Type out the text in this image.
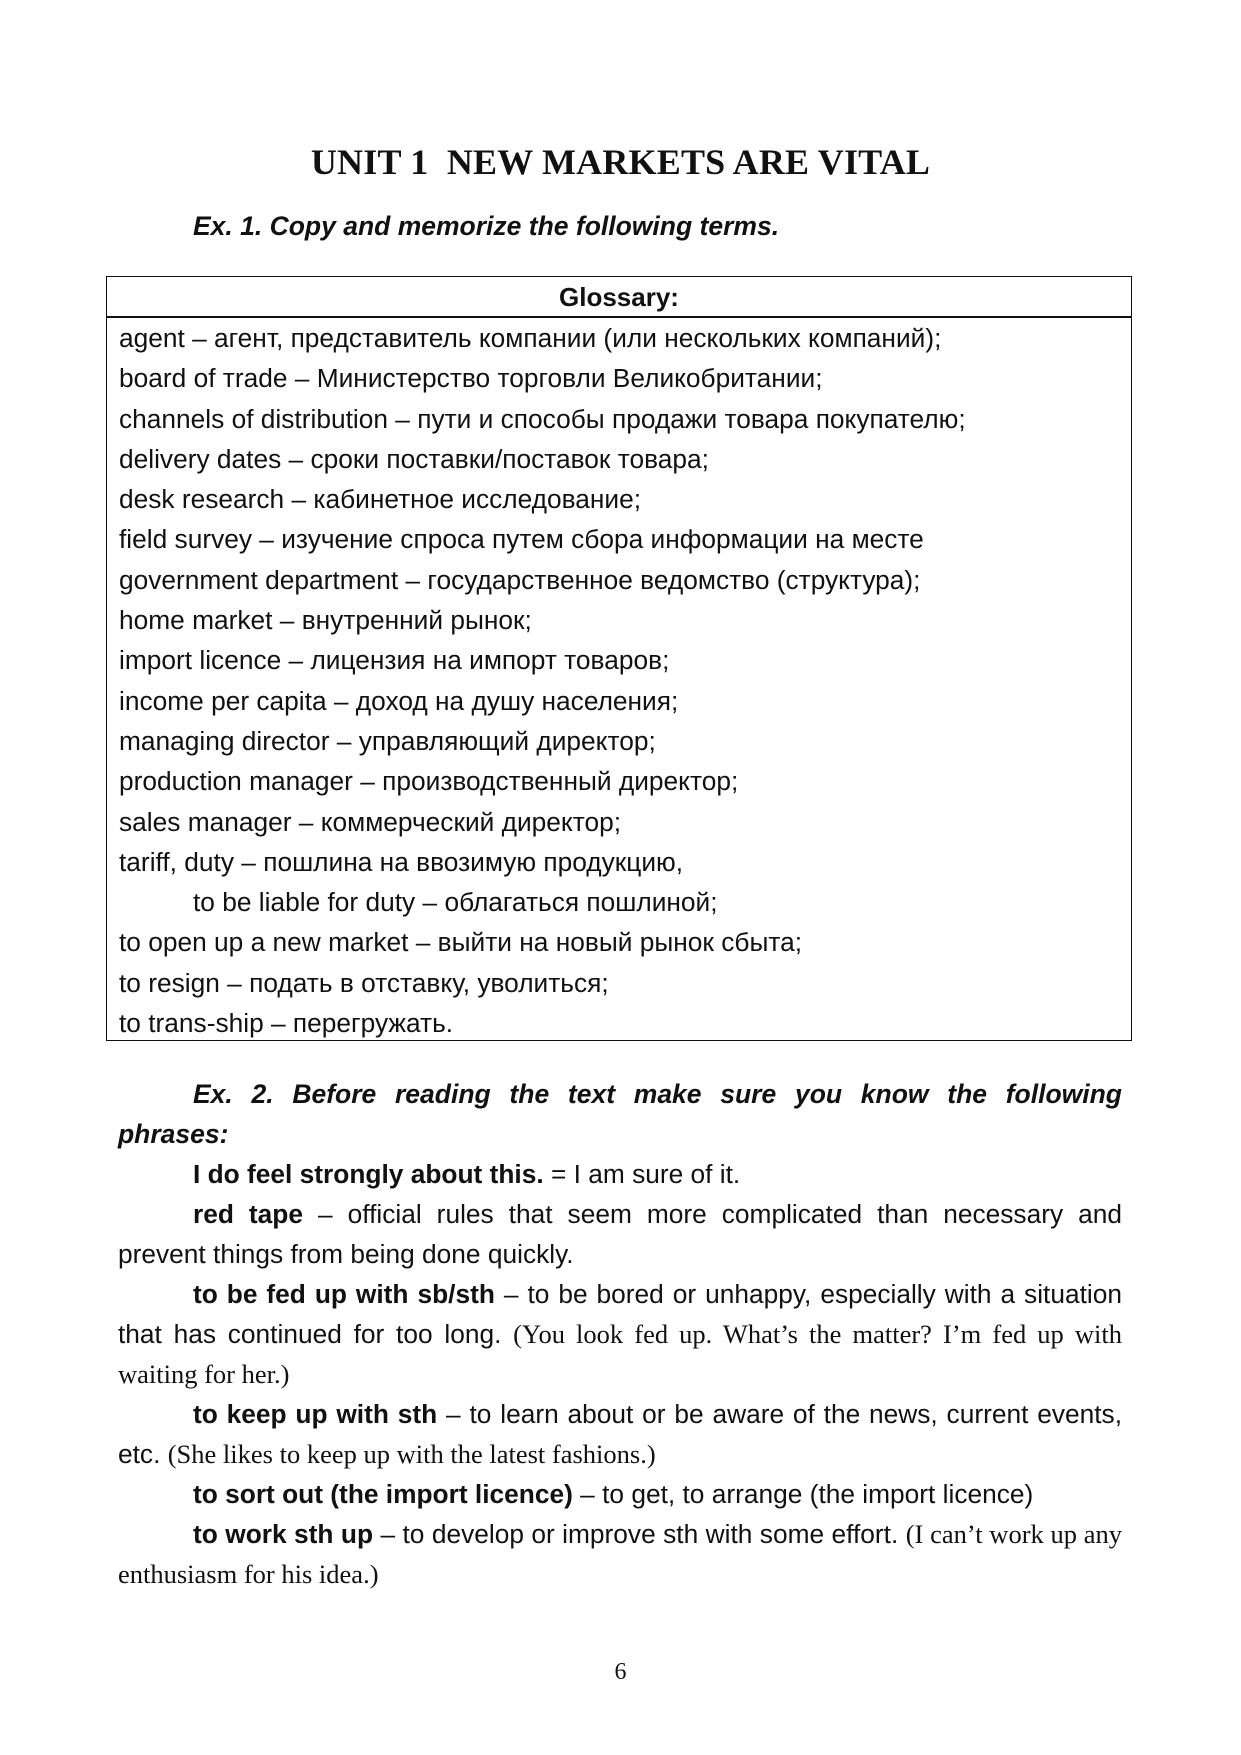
UNIT 1  NEW MARKETS ARE VITAL
Ex. 1. Copy and memorize the following terms.
Glossary:
agent – агент, представитель компании (или нескольких компаний);
board of тrade – Министерство торговли Великобритании;
channels of distribution – пути и способы продажи товара покупателю;
delivery dates – сроки поставки/поставок товара;
desk research – кабинетное исследование;
field survey – изучение спроса путем сбора информации на месте
government department – государственное ведомство (структура);
home market – внутренний рынок;
import licence – лицензия на импорт товаров;
income per capita – доход на душу населения;
managing director – управляющий директор;
production manager – производственный директор;
sales manager – коммерческий директор;
tariff, duty – пошлина на ввозимую продукцию,
to be liable for duty – облагаться пошлиной;
to open up a new market – выйти на новый рынок сбыта;
to resign – подать в отставку, уволиться;
to trans-ship – перегружать.
Ex. 2. Before reading the text make sure you know the following phrases:

I do feel strongly about this. = I am sure of it.

red tape – official rules that seem more complicated than necessary and prevent things from being done quickly.

to be fed up with sb/sth – to be bored or unhappy, especially with a situation that has continued for too long. (You look fed up. What’s the matter? I’m fed up with waiting for her.)

to keep up with sth – to learn about or be aware of the news, current events, etc. (She likes to keep up with the latest fashions.)

to sort out (the import licence) – to get, to arrange (the import licence)

to work sth up – to develop or improve sth with some effort. (I can’t work up any enthusiasm for his idea.)

6
